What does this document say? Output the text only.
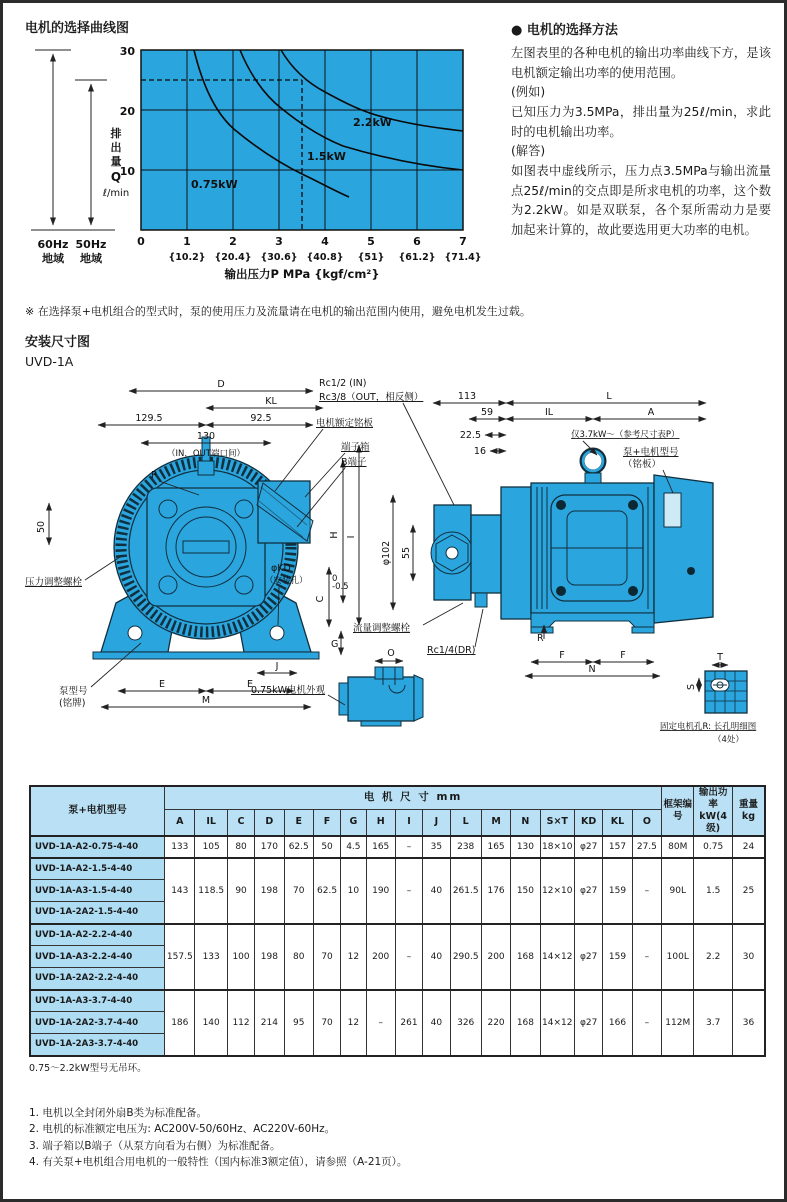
电机的选择曲线图

60Hz
地域
50Hz
地域
30
20
10
排
出
量
Q
ℓ/min
0.75kW
1.5kW
2.2kW
0	1	2	3	4	5	6	7
{10.2} {20.4} {30.6} {40.8} {51} {61.2} {71.4}
输出压力P MPa {kgf/cm²}

● 电机的选择方法

左图表里的各种电机的输出功率曲线下方，是该电机额定输出功率的使用范围。

(例如)

已知压力为3.5MPa，排出量为25ℓ/min，求此时的电机输出功率。

(解答)

如图表中虚线所示，压力点3.5MPa与输出流量点25ℓ/min的交点即是所求电机的功率，这个数为2.2kW。如是双联泵，各个泵所需动力是要加起来计算的，故此要选用更大功率的电机。

※ 在选择泵+电机组合的型式时，泵的使用压力及流量请在电机的输出范围内使用，避免电机发生过载。
安装尺寸图
UVD-1A
D
KL
129.5	92.5
130
（IN，OUT端口间）
P
50
H I
C
0
-0.5
G
φKD
（安装孔）
J
E	E
M
Rc1/2 (IN)
Rc3/8（OUT，相反侧）
电机额定铭板
端子箱
B端子
压力调整螺栓
泵型号
(铭牌)
113
59
L
IL	A
22.5
16
φ102 55
R
F	F
N
仅3.7kW～（参考尺寸表P）
泵+电机型号
（铭板）
流量调整螺栓
Rc1/4(DR)
O
0.75kW电机外观
T
S
固定电机孔R: 长孔明细图
（4处）
泵+电机型号	电 机 尺 寸 mm																	框架编号	输出功率kW(4级)	重量kg
	A	IL	C	D	E	F	G	H	I	J	L	M	N	S×T	KD	KL	O			
UVD-1A-A2-0.75-4-40	133	105	80	170	62.5	50	4.5	165	–	35	238	165	130	18×10	φ27	157	27.5	80M	0.75	24
UVD-1A-A2-1.5-4-40	143	118.5	90	198	70	62.5	10	190	–	40	261.5	176	150	12×10	φ27	159	–	90L	1.5	25
UVD-1A-A3-1.5-4-40																				
UVD-1A-2A2-1.5-4-40																				
UVD-1A-A2-2.2-4-40	157.5	133	100	198	80	70	12	200	–	40	290.5	200	168	14×12	φ27	159	–	100L	2.2	30
UVD-1A-A3-2.2-4-40																				
UVD-1A-2A2-2.2-4-40																				
UVD-1A-A3-3.7-4-40	186	140	112	214	95	70	12	–	261	40	326	220	168	14×12	φ27	166	–	112M	3.7	36
UVD-1A-2A2-3.7-4-40																				
UVD-1A-2A3-3.7-4-40																				
0.75～2.2kW型号无吊环。

1. 电机以全封闭外扇B类为标准配备。

2. 电机的标准额定电压为: AC200V-50/60Hz、AC220V-60Hz。

3. 端子箱以B端子（从泵方向看为右侧）为标准配备。

4. 有关泵+电机组合用电机的一般特性（国内标准3额定值），请参照（A-21页）。
